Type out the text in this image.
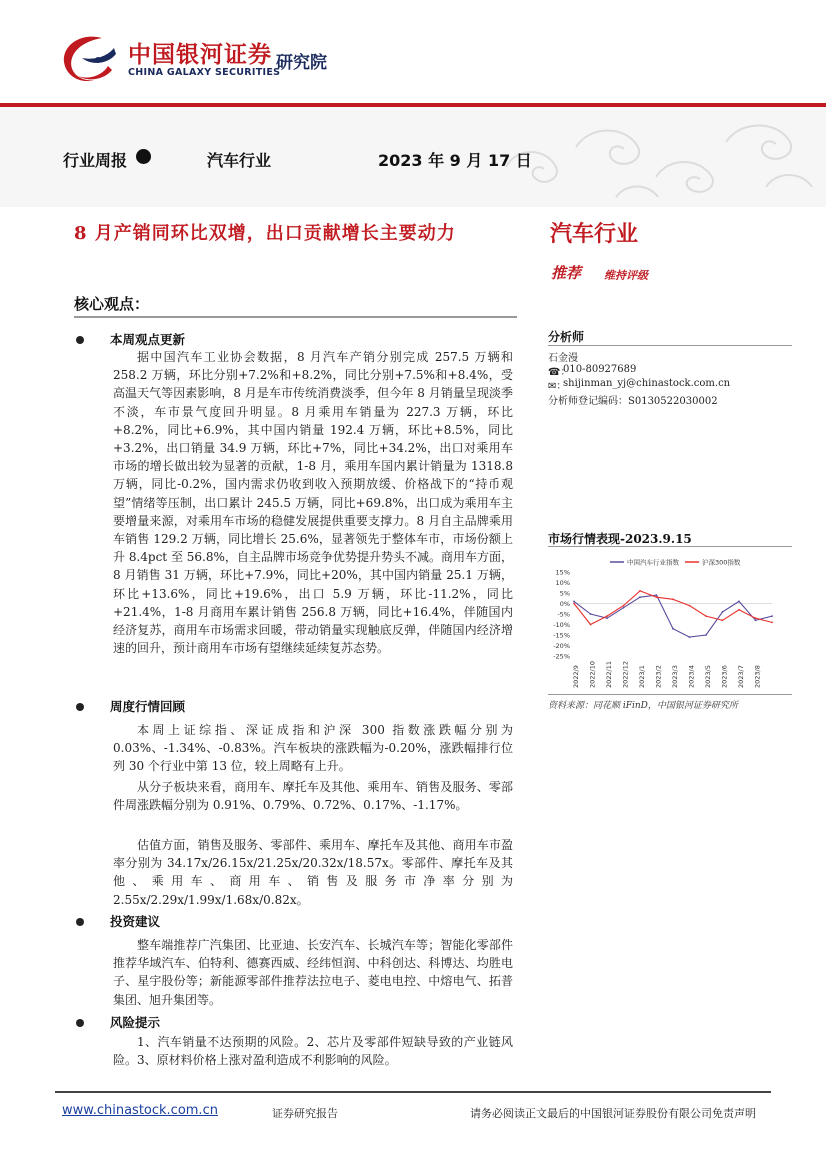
中国银河证券
CHINA GALAXY SECURITIES
研究院
行业周报	汽车行业	2023 年 9 月 17 日
8 月产销同环比双增，出口贡献增长主要动力	汽车行业
推荐 维持评级
核心观点：
本周观点更新
据中国汽车工业协会数据，8 月汽车产销分别完成 257.5 万辆和 258.2 万辆，环比分别+7.2%和+8.2%，同比分别+7.5%和+8.4%，受高温天气等因素影响，8 月是车市传统消费淡季，但今年 8 月销量呈现淡季不淡，车市景气度回升明显。8 月乘用车销量为 227.3 万辆，环比+8.2%，同比+6.9%，其中国内销量 192.4 万辆，环比+8.5%，同比+3.2%，出口销量 34.9 万辆，环比+7%，同比+34.2%，出口对乘用车市场的增长做出较为显著的贡献，1-8 月，乘用车国内累计销量为 1318.8 万辆，同比-0.2%，国内需求仍收到收入预期放缓、价格战下的“持币观望”情绪等压制，出口累计 245.5 万辆，同比+69.8%，出口成为乘用车主要增量来源，对乘用车市场的稳健发展提供重要支撑力。8 月自主品牌乘用车销售 129.2 万辆，同比增长 25.6%，显著领先于整体车市，市场份额上升 8.4pct 至 56.8%，自主品牌市场竞争优势提升势头不减。商用车方面，8 月销售 31 万辆，环比+7.9%，同比+20%，其中国内销量 25.1 万辆，环比+13.6%，同比+19.6%，出口 5.9 万辆，环比-11.2%，同比+21.4%，1-8 月商用车累计销售 256.8 万辆，同比+16.4%，伴随国内经济复苏，商用车市场需求回暖，带动销量实现触底反弹，伴随国内经济增速的回升，预计商用车市场有望继续延续复苏态势。
周度行情回顾
本周上证综指、深证成指和沪深 300 指数涨跌幅分别为 0.03%、-1.34%、-0.83%。汽车板块的涨跌幅为-0.20%，涨跌幅排行位列 30 个行业中第 13 位，较上周略有上升。
从分子板块来看，商用车、摩托车及其他、乘用车、销售及服务、零部件周涨跌幅分别为 0.91%、0.79%、0.72%、0.17%、-1.17%。
估值方面，销售及服务、零部件、乘用车、摩托车及其他、商用车市盈率分别为 34.17x/26.15x/21.25x/20.32x/18.57x。零部件、摩托车及其他、乘用车、商用车、销售及服务市净率分别为 2.55x/2.29x/1.99x/1.68x/0.82x。
投资建议
整车端推荐广汽集团、比亚迪、长安汽车、长城汽车等；智能化零部件推荐华域汽车、伯特利、德赛西威、经纬恒润、中科创达、科博达、均胜电子、星宇股份等；新能源零部件推荐法拉电子、菱电电控、中熔电气、拓普集团、旭升集团等。
风险提示
1、汽车销量不达预期的风险。2、芯片及零部件短缺导致的产业链风险。3、原材料价格上涨对盈利造成不利影响的风险。
分析师
石金漫
☎：
010-80927689
✉：
shijinman_yj@chinastock.com.cn
分析师登记编码：S0130522030002
市场行情表现-2023.9.15
15%
10%
5%
0%
-5%
-10%
-15%
-20%
-25%
2022/9 2022/10 2022/11 2022/12 2023/1 2023/2 2023/3 2023/4 2023/5 2023/6 2023/7 2023/8
中国汽车行业指数	沪深300指数
资料来源：同花顺 iFinD，中国银河证券研究所
www.chinastock.com.cn	证券研究报告	请务必阅读正文最后的中国银河证券股份有限公司免责声明
